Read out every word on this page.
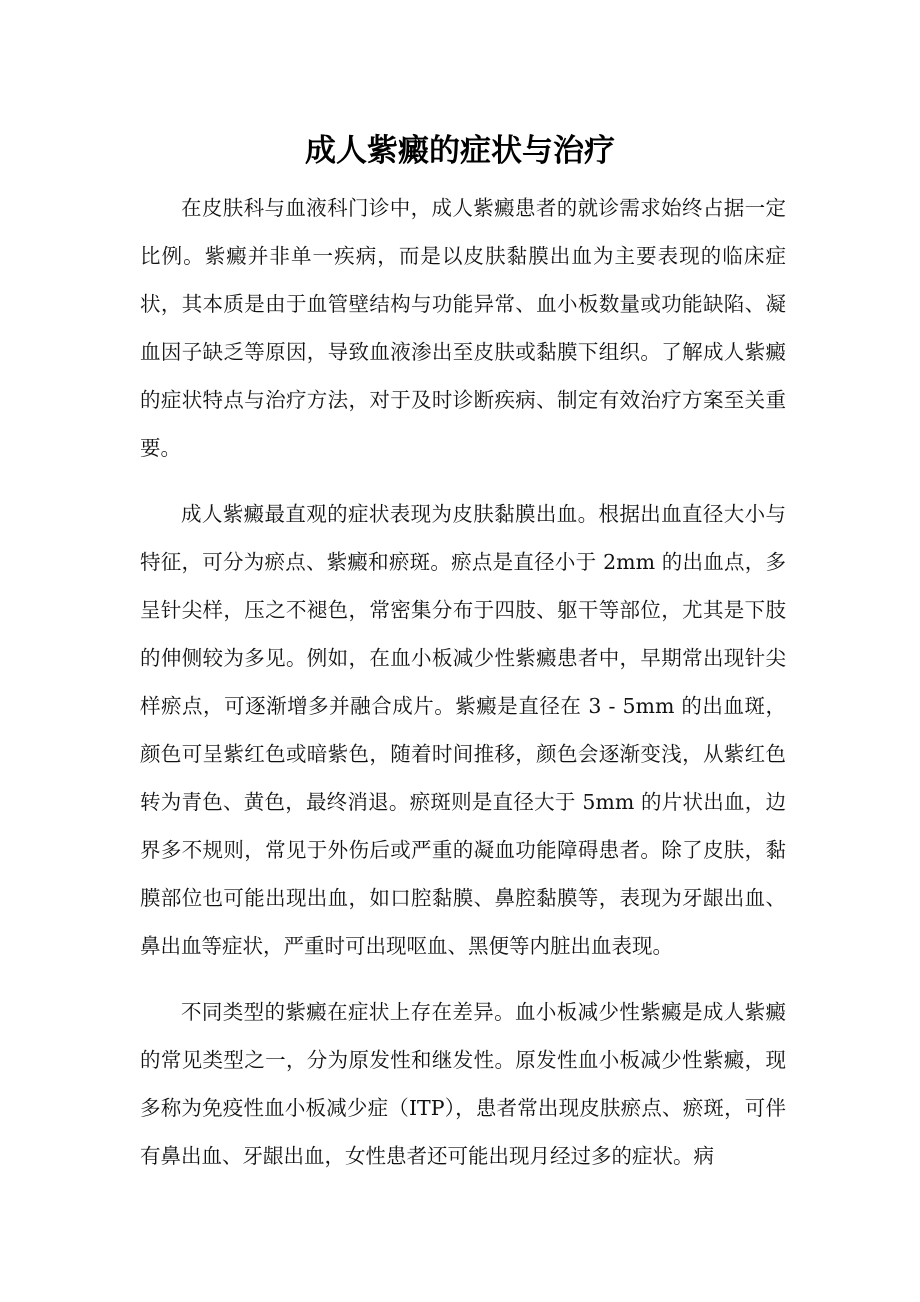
成人紫癜的症状与治疗

在皮肤科与血液科门诊中，成人紫癜患者的就诊需求始终占据一定比例。紫癜并非单一疾病，而是以皮肤黏膜出血为主要表现的临床症状，其本质是由于血管壁结构与功能异常、血小板数量或功能缺陷、凝血因子缺乏等原因，导致血液渗出至皮肤或黏膜下组织。了解成人紫癜的症状特点与治疗方法，对于及时诊断疾病、制定有效治疗方案至关重要。

成人紫癜最直观的症状表现为皮肤黏膜出血。根据出血直径大小与特征，可分为瘀点、紫癜和瘀斑。瘀点是直径小于 2mm 的出血点，多呈针尖样，压之不褪色，常密集分布于四肢、躯干等部位，尤其是下肢的伸侧较为多见。例如，在血小板减少性紫癜患者中，早期常出现针尖样瘀点，可逐渐增多并融合成片。紫癜是直径在 3 - 5mm 的出血斑，颜色可呈紫红色或暗紫色，随着时间推移，颜色会逐渐变浅，从紫红色转为青色、黄色，最终消退。瘀斑则是直径大于 5mm 的片状出血，边界多不规则，常见于外伤后或严重的凝血功能障碍患者。除了皮肤，黏膜部位也可能出现出血，如口腔黏膜、鼻腔黏膜等，表现为牙龈出血、鼻出血等症状，严重时可出现呕血、黑便等内脏出血表现。

不同类型的紫癜在症状上存在差异。血小板减少性紫癜是成人紫癜的常见类型之一，分为原发性和继发性。原发性血小板减少性紫癜，现多称为免疫性血小板减少症（ITP），患者常出现皮肤瘀点、瘀斑，可伴有鼻出血、牙龈出血，女性患者还可能出现月经过多的症状。病
